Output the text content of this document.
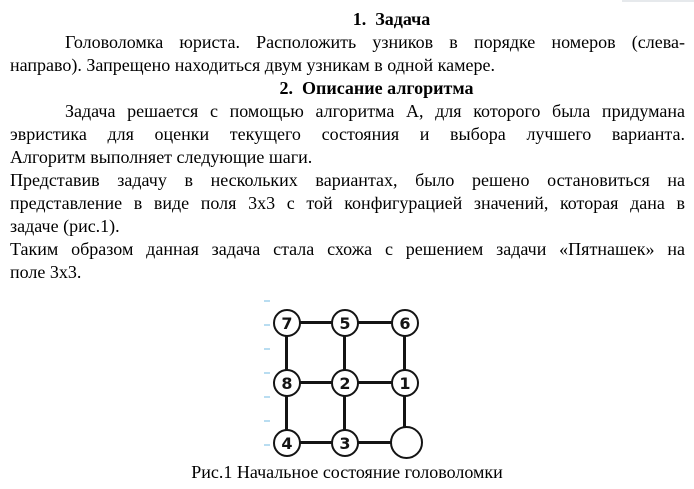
1.  Задача
Головоломка юриста. Расположить узников в порядке номеров (слева-
направо). Запрещено находиться двум узникам в одной камере.
2.  Описание алгоритма
Задача решается с помощью алгоритма А, для которого была придумана
эвристика для оценки текущего состояния и выбора лучшего варианта.
Алгоритм выполняет следующие шаги.
Представив задачу в нескольких вариантах, было решено остановиться на
представление в виде поля 3х3 с той конфигурацией значений, которая дана в
задаче (рис.1).
Таким образом данная задача стала схожа с решением задачи «Пятнашек» на
поле 3х3.
7	5	6
8	2	1
4	3
Рис.1 Начальное состояние головоломки
